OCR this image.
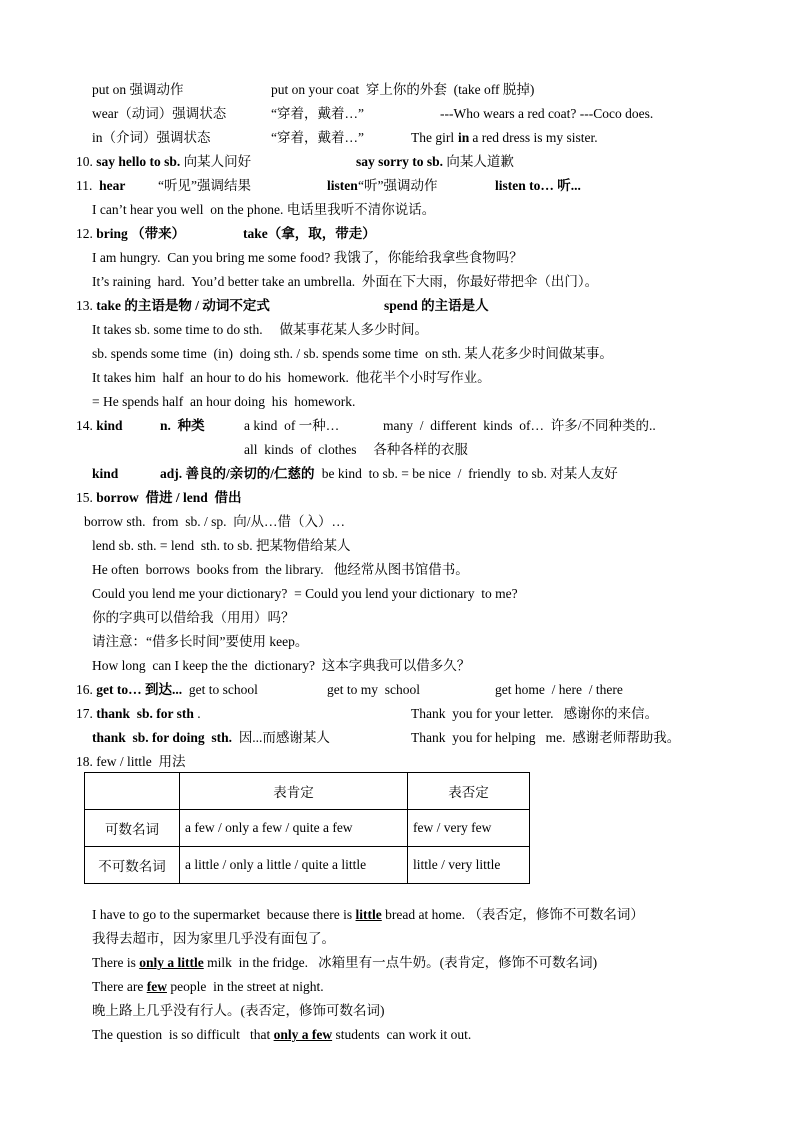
put on 强调动作	put on your coat  穿上你的外套  (take off 脱掉)
wear（动词）强调状态	“穿着，戴着…”	---Who wears a red coat? ---Coco does.
in（介词）强调状态	“穿着，戴着…”	The girl in a red dress is my sister.
10. say hello to sb. 向某人问好	say sorry to sb. 向某人道歉
11.  hear “听见”强调结果	listen “听”强调动作	listen to… 听...
I can’t hear you well  on the phone. 电话里我听不清你说话。
12. bring （带来）	take（拿，取，带走）
I am hungry.  Can you bring me some food? 我饿了，你能给我拿些食物吗？
It’s raining  hard.  You’d better take an umbrella.  外面在下大雨，你最好带把伞（出门）。
13. take 的主语是物 / 动词不定式	spend 的主语是人
It takes sb. some time to do sth.     做某事花某人多少时间。
sb. spends some time  (in)  doing sth. / sb. spends some time  on sth. 某人花多少时间做某事。
It takes him  half  an hour to do his  homework.  他花半个小时写作业。
= He spends half  an hour doing  his  homework.
14. kind	n.  种类	a kind  of 一种…	many  /  different  kinds  of…  许多/不同种类的..
all  kinds  of  clothes     各种各样的衣服
kind	adj. 善良的/亲切的/仁慈的 be kind  to sb. = be nice  /  friendly  to sb. 对某人友好
15. borrow  借进 / lend  借出
borrow sth.  from  sb. / sp.  向/从…借（入）…
lend sb. sth. = lend  sth. to sb. 把某物借给某人
He often  borrows  books from  the library.   他经常从图书馆借书。
Could you lend me your dictionary?  = Could you lend your dictionary  to me?
你的字典可以借给我（用用）吗？
请注意：“借多长时间”要使用 keep。
How long  can I keep the the  dictionary?  这本字典我可以借多久？
16. get to… 到达...  get to school	get to my  school	get home  / here  / there
17. thank  sb. for sth .	Thank  you for your letter.   感谢你的来信。
thank  sb. for doing  sth.  因...而感谢某人	Thank  you for helping   me.  感谢老师帮助我。
18. few / little  用法
I have to go to the supermarket  because there is little bread at home. （表否定，修饰不可数名词）
我得去超市，因为家里几乎没有面包了。
There is only a little milk  in the fridge.   冰箱里有一点牛奶。(表肯定，修饰不可数名词)
There are few people  in the street at night.
晚上路上几乎没有行人。(表否定，修饰可数名词)
The question  is so difficult   that only a few students  can work it out.
	表肯定	表否定
可数名词	a few / only a few / quite a few	few / very few
不可数名词	a little / only a little / quite a little	little / very little
